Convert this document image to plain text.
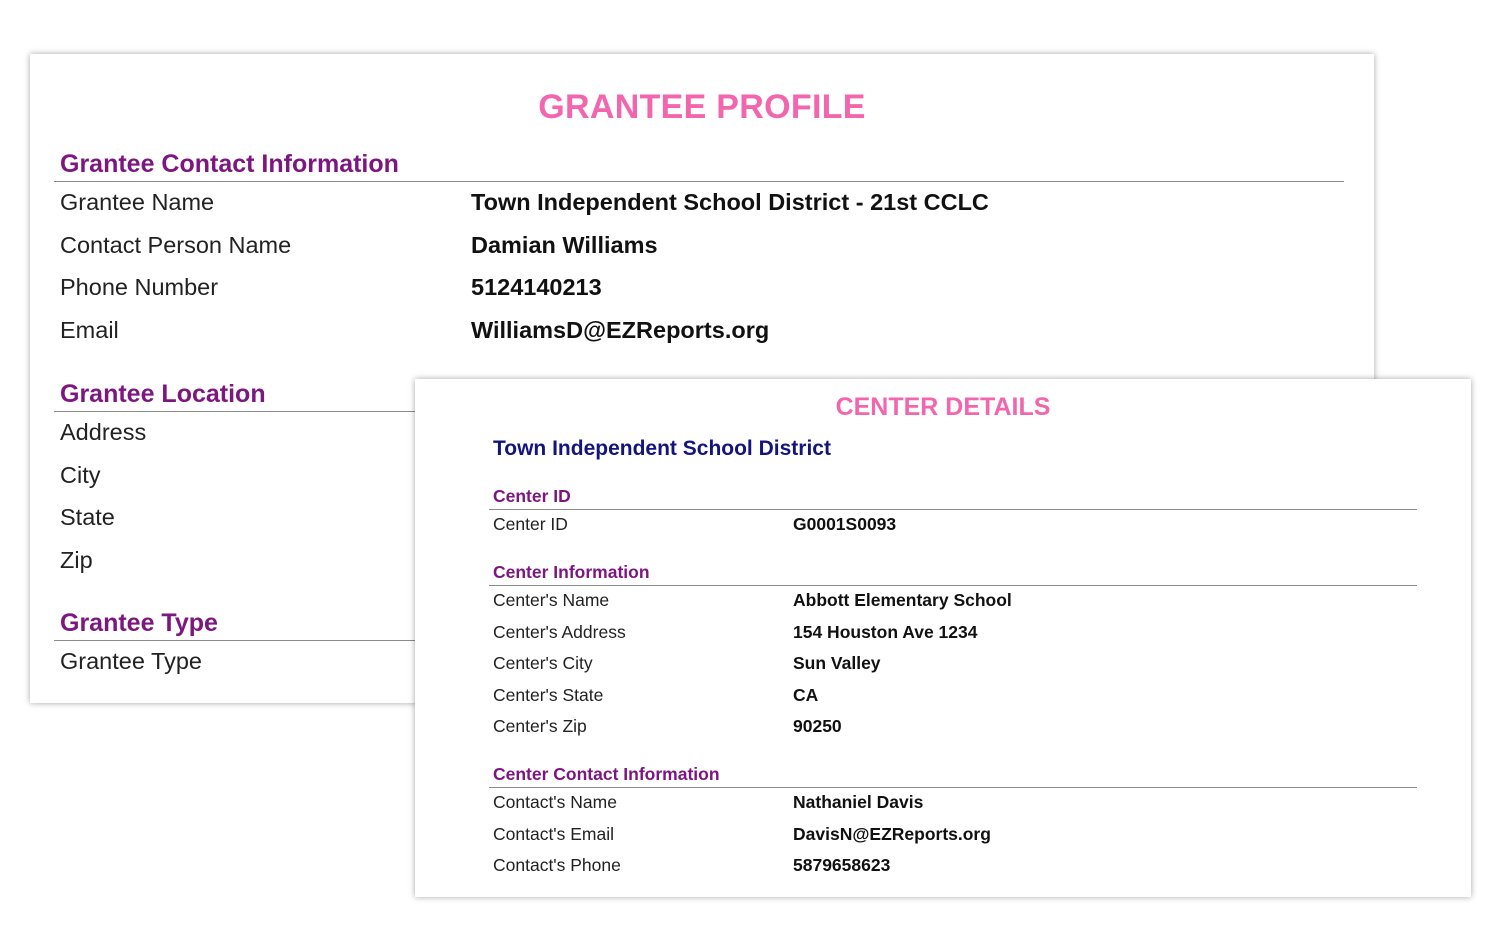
GRANTEE PROFILE
Grantee Contact Information
Grantee Name	Town Independent School District - 21st CCLC
Contact Person Name	Damian Williams
Phone Number	5124140213
Email	WilliamsD@EZReports.org
Grantee Location
Address
City
State
Zip
Grantee Type
Grantee Type
CENTER DETAILS
Town Independent School District
Center ID
Center ID	G0001S0093
Center Information
Center's Name	Abbott Elementary School
Center's Address	154 Houston Ave 1234
Center's City	Sun Valley
Center's State	CA
Center's Zip	90250
Center Contact Information
Contact's Name	Nathaniel Davis
Contact's Email	DavisN@EZReports.org
Contact's Phone	5879658623
